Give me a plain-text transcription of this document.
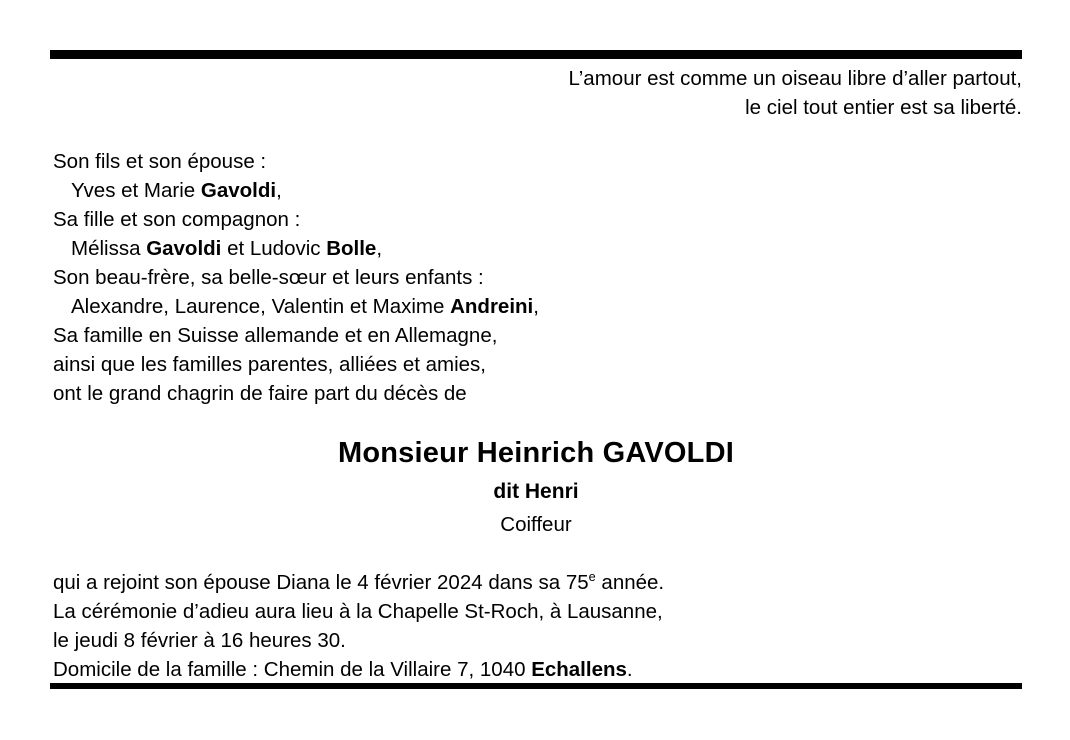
L’amour est comme un oiseau libre d’aller partout,
le ciel tout entier est sa liberté.
Son fils et son épouse :
Yves et Marie Gavoldi,
Sa fille et son compagnon :
Mélissa Gavoldi et Ludovic Bolle,
Son beau-frère, sa belle-sœur et leurs enfants :
Alexandre, Laurence, Valentin et Maxime Andreini,
Sa famille en Suisse allemande et en Allemagne,
ainsi que les familles parentes, alliées et amies,
ont le grand chagrin de faire part du décès de
Monsieur Heinrich GAVOLDI
dit Henri
Coiffeur
qui a rejoint son épouse Diana le 4 février 2024 dans sa 75e année.
La cérémonie d’adieu aura lieu à la Chapelle St-Roch, à Lausanne,
le jeudi 8 février à 16 heures 30.
Domicile de la famille : Chemin de la Villaire 7, 1040 Echallens.
